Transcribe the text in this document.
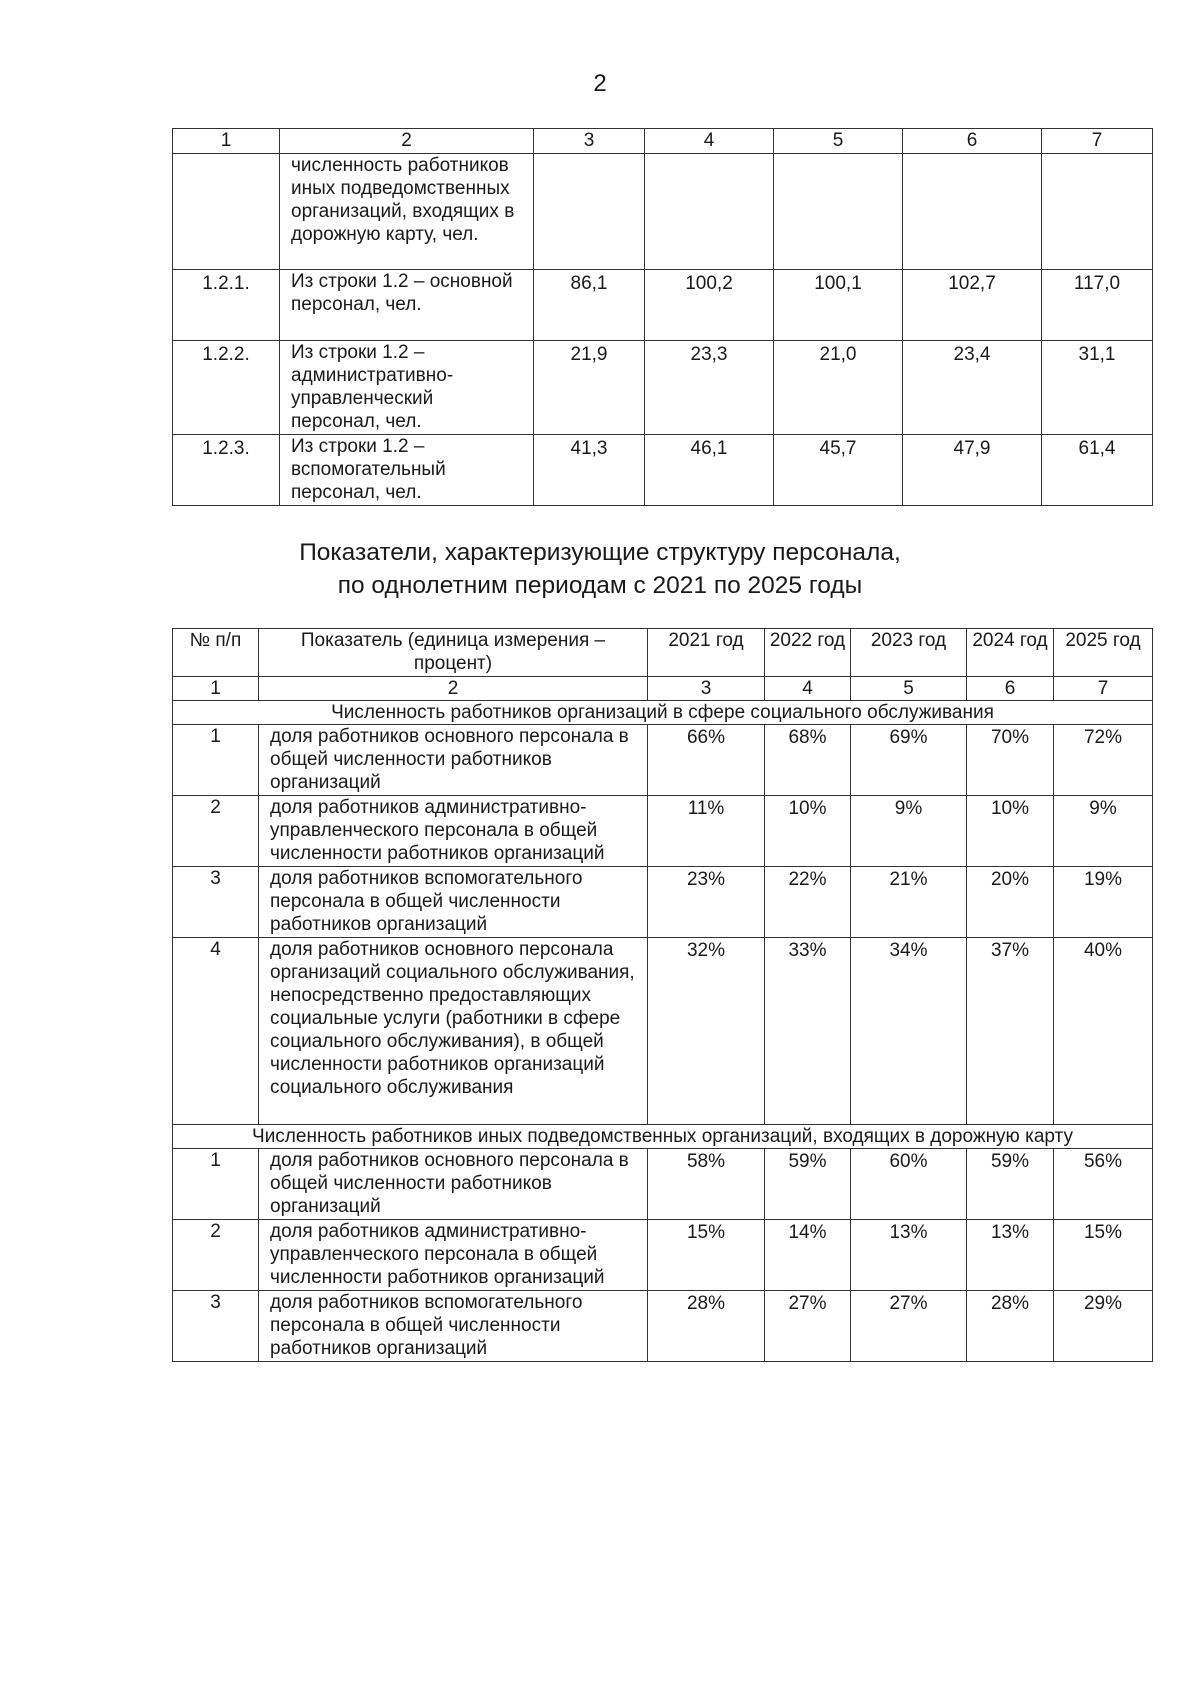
2
1	2	3	4	5	6	7
	численность работников иных подведомственных организаций, входящих в дорожную карту, чел.					
1.2.1.	Из строки 1.2 – основной персонал, чел.	86,1	100,2	100,1	102,7	117,0
1.2.2.	Из строки 1.2 – административно-управленческий персонал, чел.	21,9	23,3	21,0	23,4	31,1
1.2.3.	Из строки 1.2 – вспомогательный персонал, чел.	41,3	46,1	45,7	47,9	61,4
Показатели, характеризующие структуру персонала,
по однолетним периодам с 2021 по 2025 годы
№ п/п	Показатель (единица измерения – процент)	2021 год	2022 год	2023 год	2024 год	2025 год
1	2	3	4	5	6	7
Численность работников организаций в сфере социального обслуживания						
1	доля работников основного персонала в общей численности работников организаций	66%	68%	69%	70%	72%
2	доля работников административно-управленческого персонала в общей численности работников организаций	11%	10%	9%	10%	9%
3	доля работников вспомогательного персонала в общей численности работников организаций	23%	22%	21%	20%	19%
4	доля работников основного персонала организаций социального обслуживания, непосредственно предоставляющих социальные услуги (работники в сфере социального обслуживания), в общей численности работников организаций социального обслуживания	32%	33%	34%	37%	40%
Численность работников иных подведомственных организаций, входящих в дорожную карту						
1	доля работников основного персонала в общей численности работников организаций	58%	59%	60%	59%	56%
2	доля работников административно-управленческого персонала в общей численности работников организаций	15%	14%	13%	13%	15%
3	доля работников вспомогательного персонала в общей численности работников организаций	28%	27%	27%	28%	29%
